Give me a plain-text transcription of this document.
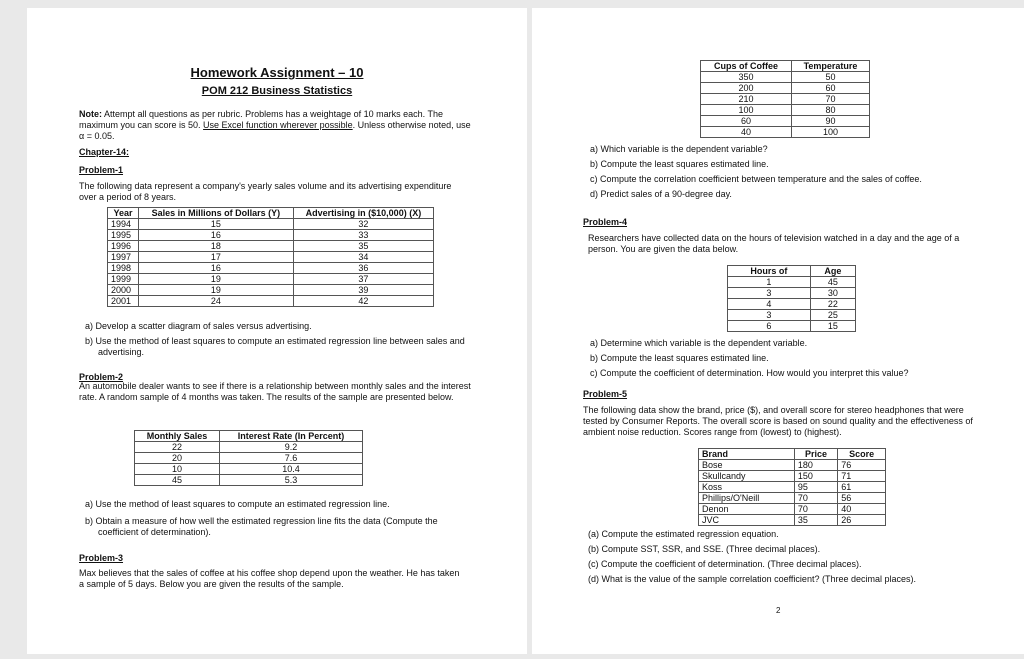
Homework Assignment – 10
POM 212 Business Statistics
Note: Attempt all questions as per rubric. Problems has a weightage of 10 marks each. The maximum you can score is 50. Use Excel function wherever possible. Unless otherwise noted, use α = 0.05.
Chapter-14:
Problem-1
The following data represent a company's yearly sales volume and its advertising expenditure over a period of 8 years.
Year	Sales in Millions of Dollars (Y)	Advertising in ($10,000) (X)
1994	15	32
1995	16	33
1996	18	35
1997	17	34
1998	16	36
1999	19	37
2000	19	39
2001	24	42
a) Develop a scatter diagram of sales versus advertising.
b) Use the method of least squares to compute an estimated regression line between sales and advertising.
Problem-2
An automobile dealer wants to see if there is a relationship between monthly sales and the interest rate. A random sample of 4 months was taken. The results of the sample are presented below.
Monthly Sales	Interest Rate (In Percent)
22	9.2
20	7.6
10	10.4
45	5.3
a) Use the method of least squares to compute an estimated regression line.
b) Obtain a measure of how well the estimated regression line fits the data (Compute the coefficient of determination).
Problem-3
Max believes that the sales of coffee at his coffee shop depend upon the weather. He has taken a sample of 5 days. Below you are given the results of the sample.
Cups of Coffee	Temperature
350	50
200	60
210	70
100	80
60	90
40	100
a) Which variable is the dependent variable?
b) Compute the least squares estimated line.
c) Compute the correlation coefficient between temperature and the sales of coffee.
d) Predict sales of a 90-degree day.
Problem-4
Researchers have collected data on the hours of television watched in a day and the age of a person. You are given the data below.
Hours of	Age
1	45
3	30
4	22
3	25
6	15
a) Determine which variable is the dependent variable.
b) Compute the least squares estimated line.
c) Compute the coefficient of determination. How would you interpret this value?
Problem-5
The following data show the brand, price ($), and overall score for stereo headphones that were tested by Consumer Reports. The overall score is based on sound quality and the effectiveness of ambient noise reduction. Scores range from (lowest) to (highest).
Brand	Price	Score
Bose	180	76
Skullcandy	150	71
Koss	95	61
Phillips/O'Neill	70	56
Denon	70	40
JVC	35	26
(a) Compute the estimated regression equation.
(b) Compute SST, SSR, and SSE. (Three decimal places).
(c) Compute the coefficient of determination. (Three decimal places).
(d) What is the value of the sample correlation coefficient? (Three decimal places).
2
